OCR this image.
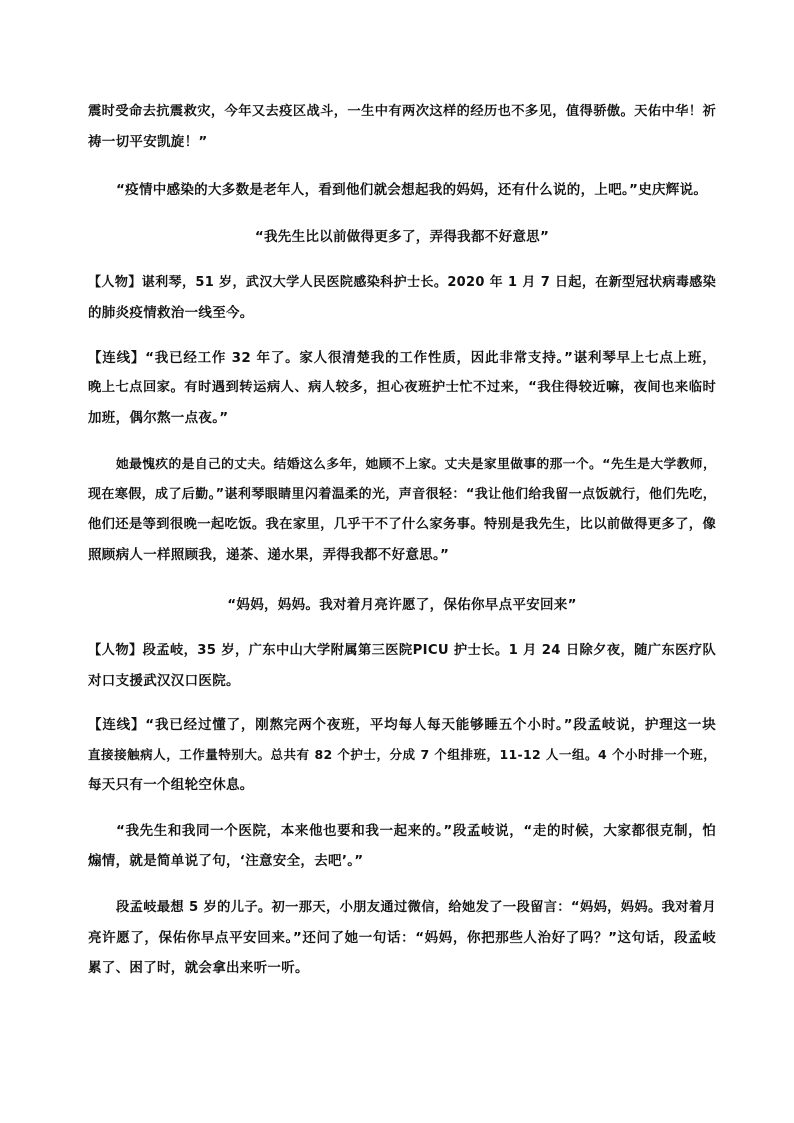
震时受命去抗震救灾，今年又去疫区战斗，一生中有两次这样的经历也不多见，值得骄傲。天佑中华！祈
祷一切平安凯旋！”
“疫情中感染的大多数是老年人，看到他们就会想起我的妈妈，还有什么说的，上吧。”史庆辉说。
“我先生比以前做得更多了，弄得我都不好意思”
【人物】谌利琴，51 岁，武汉大学人民医院感染科护士长。2020 年 1 月 7 日起，在新型冠状病毒感染
的肺炎疫情救治一线至今。
【连线】“我已经工作 32 年了。家人很清楚我的工作性质，因此非常支持。”谌利琴早上七点上班，
晚上七点回家。有时遇到转运病人、病人较多，担心夜班护士忙不过来，“我住得较近嘛，夜间也来临时
加班，偶尔熬一点夜。”
她最愧疚的是自己的丈夫。结婚这么多年，她顾不上家。丈夫是家里做事的那一个。“先生是大学教师，
现在寒假，成了后勤。”谌利琴眼睛里闪着温柔的光，声音很轻：“我让他们给我留一点饭就行，他们先吃，
他们还是等到很晚一起吃饭。我在家里，几乎干不了什么家务事。特别是我先生，比以前做得更多了，像
照顾病人一样照顾我，递茶、递水果，弄得我都不好意思。”
“妈妈，妈妈。我对着月亮许愿了，保佑你早点平安回来”
【人物】段孟岐，35 岁，广东中山大学附属第三医院PICU 护士长。1 月 24 日除夕夜，随广东医疗队
对口支援武汉汉口医院。
【连线】“我已经过懂了，刚熬完两个夜班，平均每人每天能够睡五个小时。”段孟岐说，护理这一块
直接接触病人，工作量特别大。总共有 82 个护士，分成 7 个组排班，11-12 人一组。4 个小时排一个班，
每天只有一个组轮空休息。
“我先生和我同一个医院，本来他也要和我一起来的。”段孟岐说，“走的时候，大家都很克制，怕
煽情，就是简单说了句，‘注意安全，去吧’。”
段孟岐最想 5 岁的儿子。初一那天，小朋友通过微信，给她发了一段留言：“妈妈，妈妈。我对着月
亮许愿了，保佑你早点平安回来。”还问了她一句话：“妈妈，你把那些人治好了吗？”这句话，段孟岐
累了、困了时，就会拿出来听一听。
